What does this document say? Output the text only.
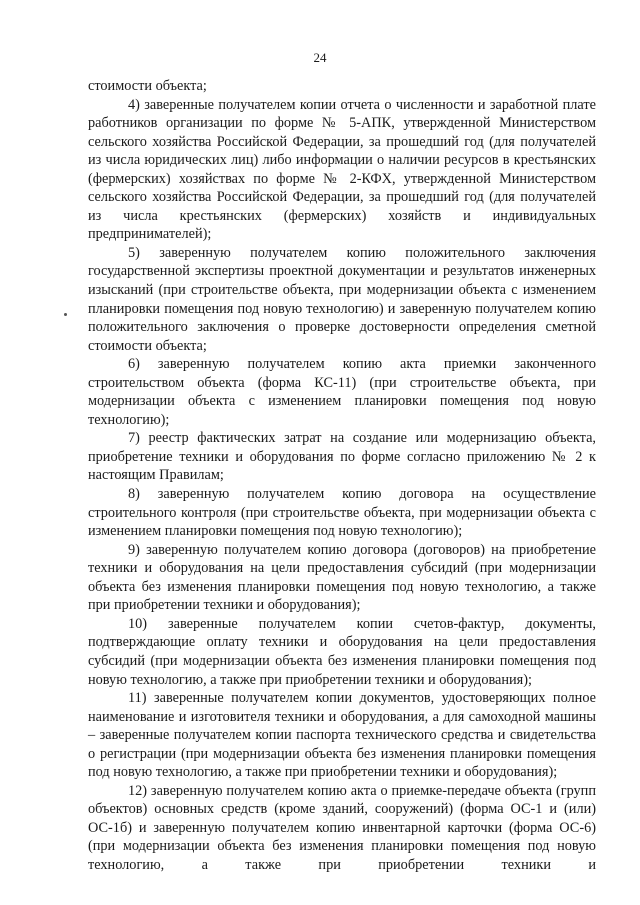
24

стоимости объекта;

4) заверенные получателем копии отчета о численности и заработной плате работников организации по форме № 5-АПК, утвержденной Министерством сельского хозяйства Российской Федерации, за прошедший год (для получателей из числа юридических лиц) либо информации о наличии ресурсов в крестьянских (фермерских) хозяйствах по форме № 2-КФХ, утвержденной Министерством сельского хозяйства Российской Федерации, за прошедший год (для получателей из числа крестьянских (фермерских) хозяйств и индивидуальных предпринимателей);

5) заверенную получателем копию положительного заключения государственной экспертизы проектной документации и результатов инженерных изысканий (при строительстве объекта, при модернизации объекта с изменением планировки помещения под новую технологию) и заверенную получателем копию положительного заключения о проверке достоверности определения сметной стоимости объекта;

6) заверенную получателем копию акта приемки законченного строительством объекта (форма КС-11) (при строительстве объекта, при модернизации объекта с изменением планировки помещения под новую технологию);

7) реестр фактических затрат на создание или модернизацию объекта, приобретение техники и оборудования по форме согласно приложению № 2 к настоящим Правилам;

8) заверенную получателем копию договора на осуществление строительного контроля (при строительстве объекта, при модернизации объекта с изменением планировки помещения под новую технологию);

9) заверенную получателем копию договора (договоров) на приобретение техники и оборудования на цели предоставления субсидий (при модернизации объекта без изменения планировки помещения под новую технологию, а также при приобретении техники и оборудования);

10) заверенные получателем копии счетов-фактур, документы, подтверждающие оплату техники и оборудования на цели предоставления субсидий (при модернизации объекта без изменения планировки помещения под новую технологию, а также при приобретении техники и оборудования);

11) заверенные получателем копии документов, удостоверяющих полное наименование и изготовителя техники и оборудования, а для самоходной машины – заверенные получателем копии паспорта технического средства и свидетельства о регистрации (при модернизации объекта без изменения планировки помещения под новую технологию, а также при приобретении техники и оборудования);

12) заверенную получателем копию акта о приемке-передаче объекта (групп объектов) основных средств (кроме зданий, сооружений) (форма ОС-1 и (или) ОС-1б) и заверенную получателем копию инвентарной карточки (форма ОС-6) (при модернизации объекта без изменения планировки помещения под новую технологию, а также при приобретении техники и
